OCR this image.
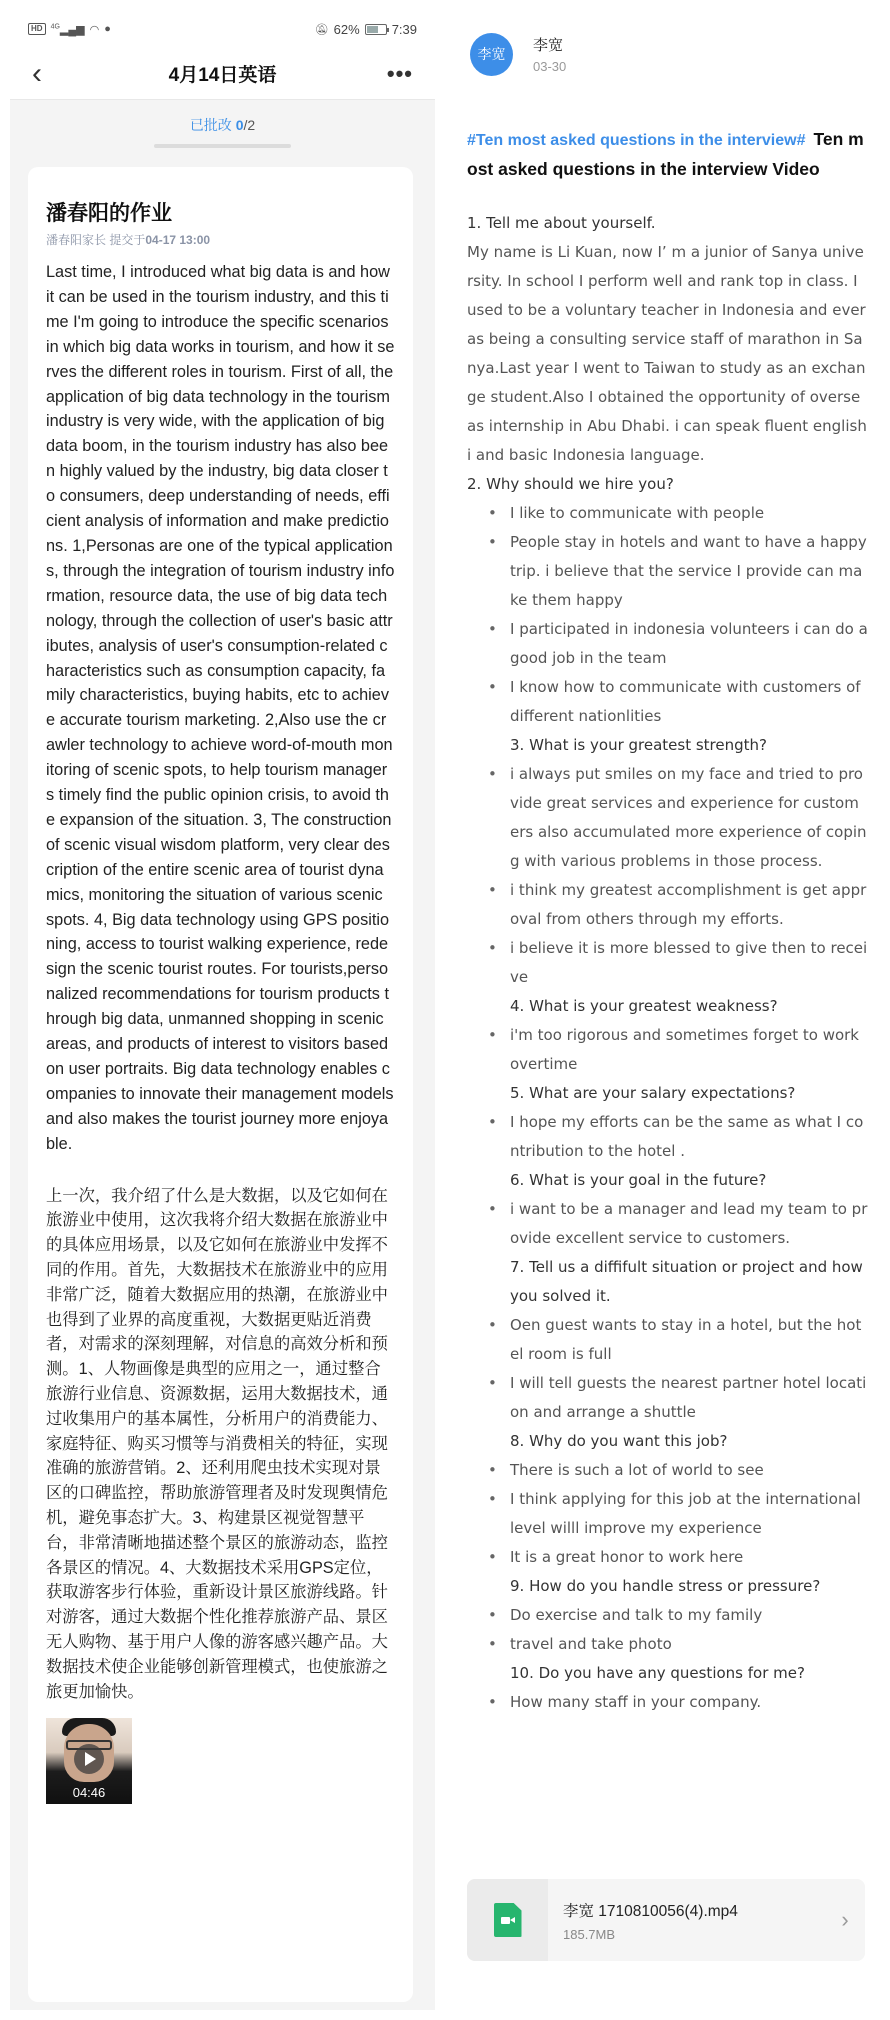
HD	$^{4G}$▂▄▆ ◠ ●	🔕︎ 62% 7:39
‹	4月14日英语	•••
已批改 0/2
潘春阳的作业
潘春阳家长 提交于04-17 13:00
Last time, I introduced what big data is and how it can be used in the tourism industry, and this time I'm going to introduce the specific scenarios in which big data works in tourism, and how it serves the different roles in tourism. First of all, the application of big data technology in the tourism industry is very wide, with the application of big data boom, in the tourism industry has also been highly valued by the industry, big data closer to consumers, deep understanding of needs, efficient analysis of information and make predictions. 1,Personas are one of the typical applications, through the integration of tourism industry information, resource data, the use of big data technology, through the collection of user's basic attributes, analysis of user's consumption-related characteristics such as consumption capacity, family characteristics, buying habits, etc to achieve accurate tourism marketing. 2,Also use the crawler technology to achieve word-of-mouth monitoring of scenic spots, to help tourism managers timely find the public opinion crisis, to avoid the expansion of the situation. 3, The construction of scenic visual wisdom platform, very clear description of the entire scenic area of tourist dynamics, monitoring the situation of various scenic spots. 4, Big data technology using GPS positioning, access to tourist walking experience, redesign the scenic tourist routes. For tourists,personalized recommendations for tourism products through big data, unmanned shopping in scenic areas, and products of interest to visitors based on user portraits. Big data technology enables companies to innovate their management models and also makes the tourist journey more enjoyable.
上一次，我介绍了什么是大数据，以及它如何在旅游业中使用，这次我将介绍大数据在旅游业中的具体应用场景，以及它如何在旅游业中发挥不同的作用。首先，大数据技术在旅游业中的应用非常广泛，随着大数据应用的热潮，在旅游业中也得到了业界的高度重视，大数据更贴近消费者，对需求的深刻理解，对信息的高效分析和预测。1、人物画像是典型的应用之一，通过整合旅游行业信息、资源数据，运用大数据技术，通过收集用户的基本属性，分析用户的消费能力、家庭特征、购买习惯等与消费相关的特征，实现准确的旅游营销。2、还利用爬虫技术实现对景区的口碑监控，帮助旅游管理者及时发现舆情危机，避免事态扩大。3、构建景区视觉智慧平台，非常清晰地描述整个景区的旅游动态，监控各景区的情况。4、大数据技术采用GPS定位，获取游客步行体验，重新设计景区旅游线路。针对游客，通过大数据个性化推荐旅游产品、景区无人购物、基于用户人像的游客感兴趣产品。大数据技术使企业能够创新管理模式，也使旅游之旅更加愉快。
04:46
李宽	李宽
03-30
#Ten most asked questions in the interview# Ten most asked questions in the interview Video
1. Tell me about yourself.
My name is Li Kuan, now I’ m a junior of Sanya university. In school I perform well and rank top in class. I used to be a voluntary teacher in Indonesia and ever as being a consulting service staff of marathon in Sanya.Last year I went to Taiwan to study as an exchange student.Also I obtained the opportunity of overseas internship in Abu Dhabi. i can speak fluent englishi and basic Indonesia language.
2. Why should we hire you?
• I like to communicate with people
• People stay in hotels and want to have a happy trip. i believe that the service I provide can make them happy
• I participated in indonesia volunteers i can do a good job in the team
• I know how to communicate with customers of different nationlities
3. What is your greatest strength?
• i always put smiles on my face and tried to provide great services and experience for customers also accumulated more experience of coping with various problems in those process.
• i think my greatest accomplishment is get approval from others through my efforts.
• i believe it is more blessed to give then to receive
4. What is your greatest weakness?
• i'm too rigorous and sometimes forget to work overtime
5. What are your salary expectations?
• I hope my efforts can be the same as what I contribution to the hotel .
6. What is your goal in the future?
• i want to be a manager and lead my team to provide excellent service to customers.
7. Tell us a diffifult situation or project and how you solved it.
• Oen guest wants to stay in a hotel, but the hotel room is full
• I will tell guests the nearest partner hotel location and arrange a shuttle
8. Why do you want this job?
• There is such a lot of world to see
• I think applying for this job at the international level willl improve my experience
• It is a great honor to work here
9. How do you handle stress or pressure?
• Do exercise and talk to my family
• travel and take photo
10. Do you have any questions for me?
• How many staff in your company.
李宽 1710810056(4).mp4
185.7MB
›
